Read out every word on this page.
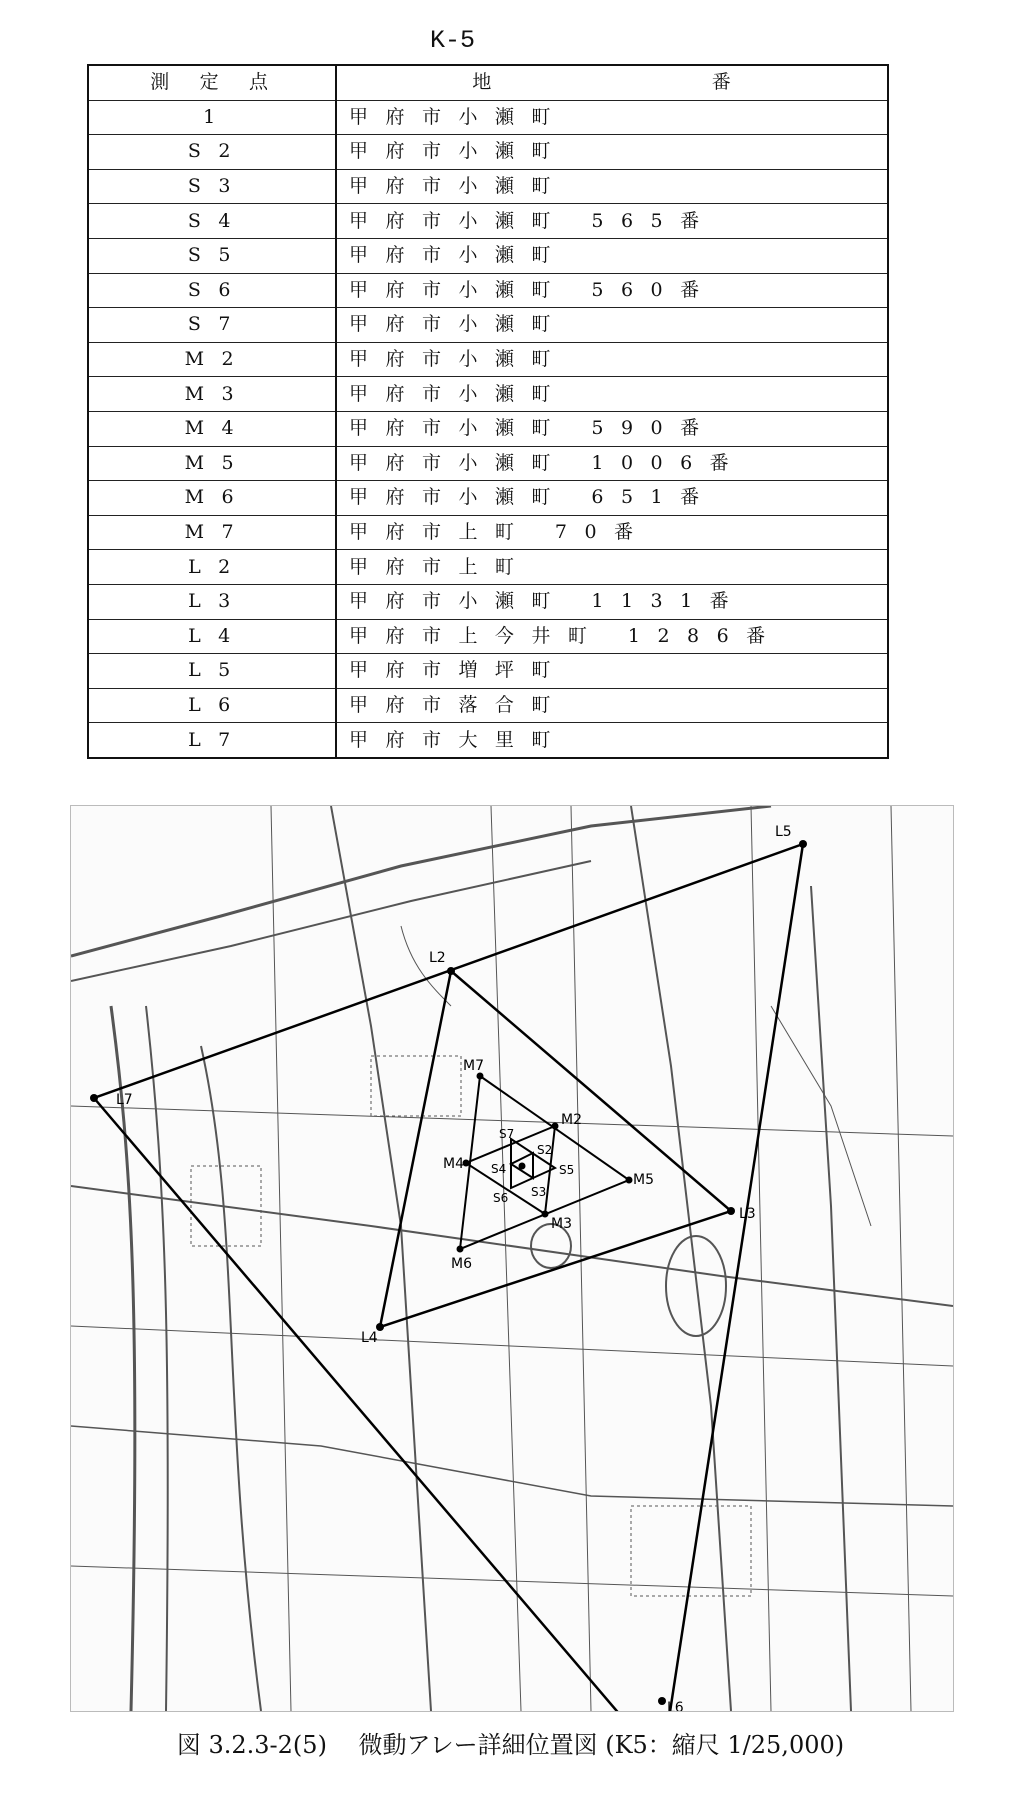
K-5
測　定　点	地　　　　　番
1	甲府市小瀬町
S 2	甲府市小瀬町
S 3	甲府市小瀬町
S 4	甲府市小瀬町 565番
S 5	甲府市小瀬町
S 6	甲府市小瀬町 560番
S 7	甲府市小瀬町
M 2	甲府市小瀬町
M 3	甲府市小瀬町
M 4	甲府市小瀬町 590番
M 5	甲府市小瀬町 1006番
M 6	甲府市小瀬町 651番
M 7	甲府市上町 70番
L 2	甲府市上町
L 3	甲府市小瀬町 1131番
L 4	甲府市上今井町 1286番
L 5	甲府市増坪町
L 6	甲府市落合町
L 7	甲府市大里町
L5
L2
L7
L3
L4
L6
M7
M2
M4
M5
M3
M6
S7
S2
S4	S5
S3
S6
図 3.2.3-2(5)　 微動アレー詳細位置図 (K5：縮尺 1/25,000)
